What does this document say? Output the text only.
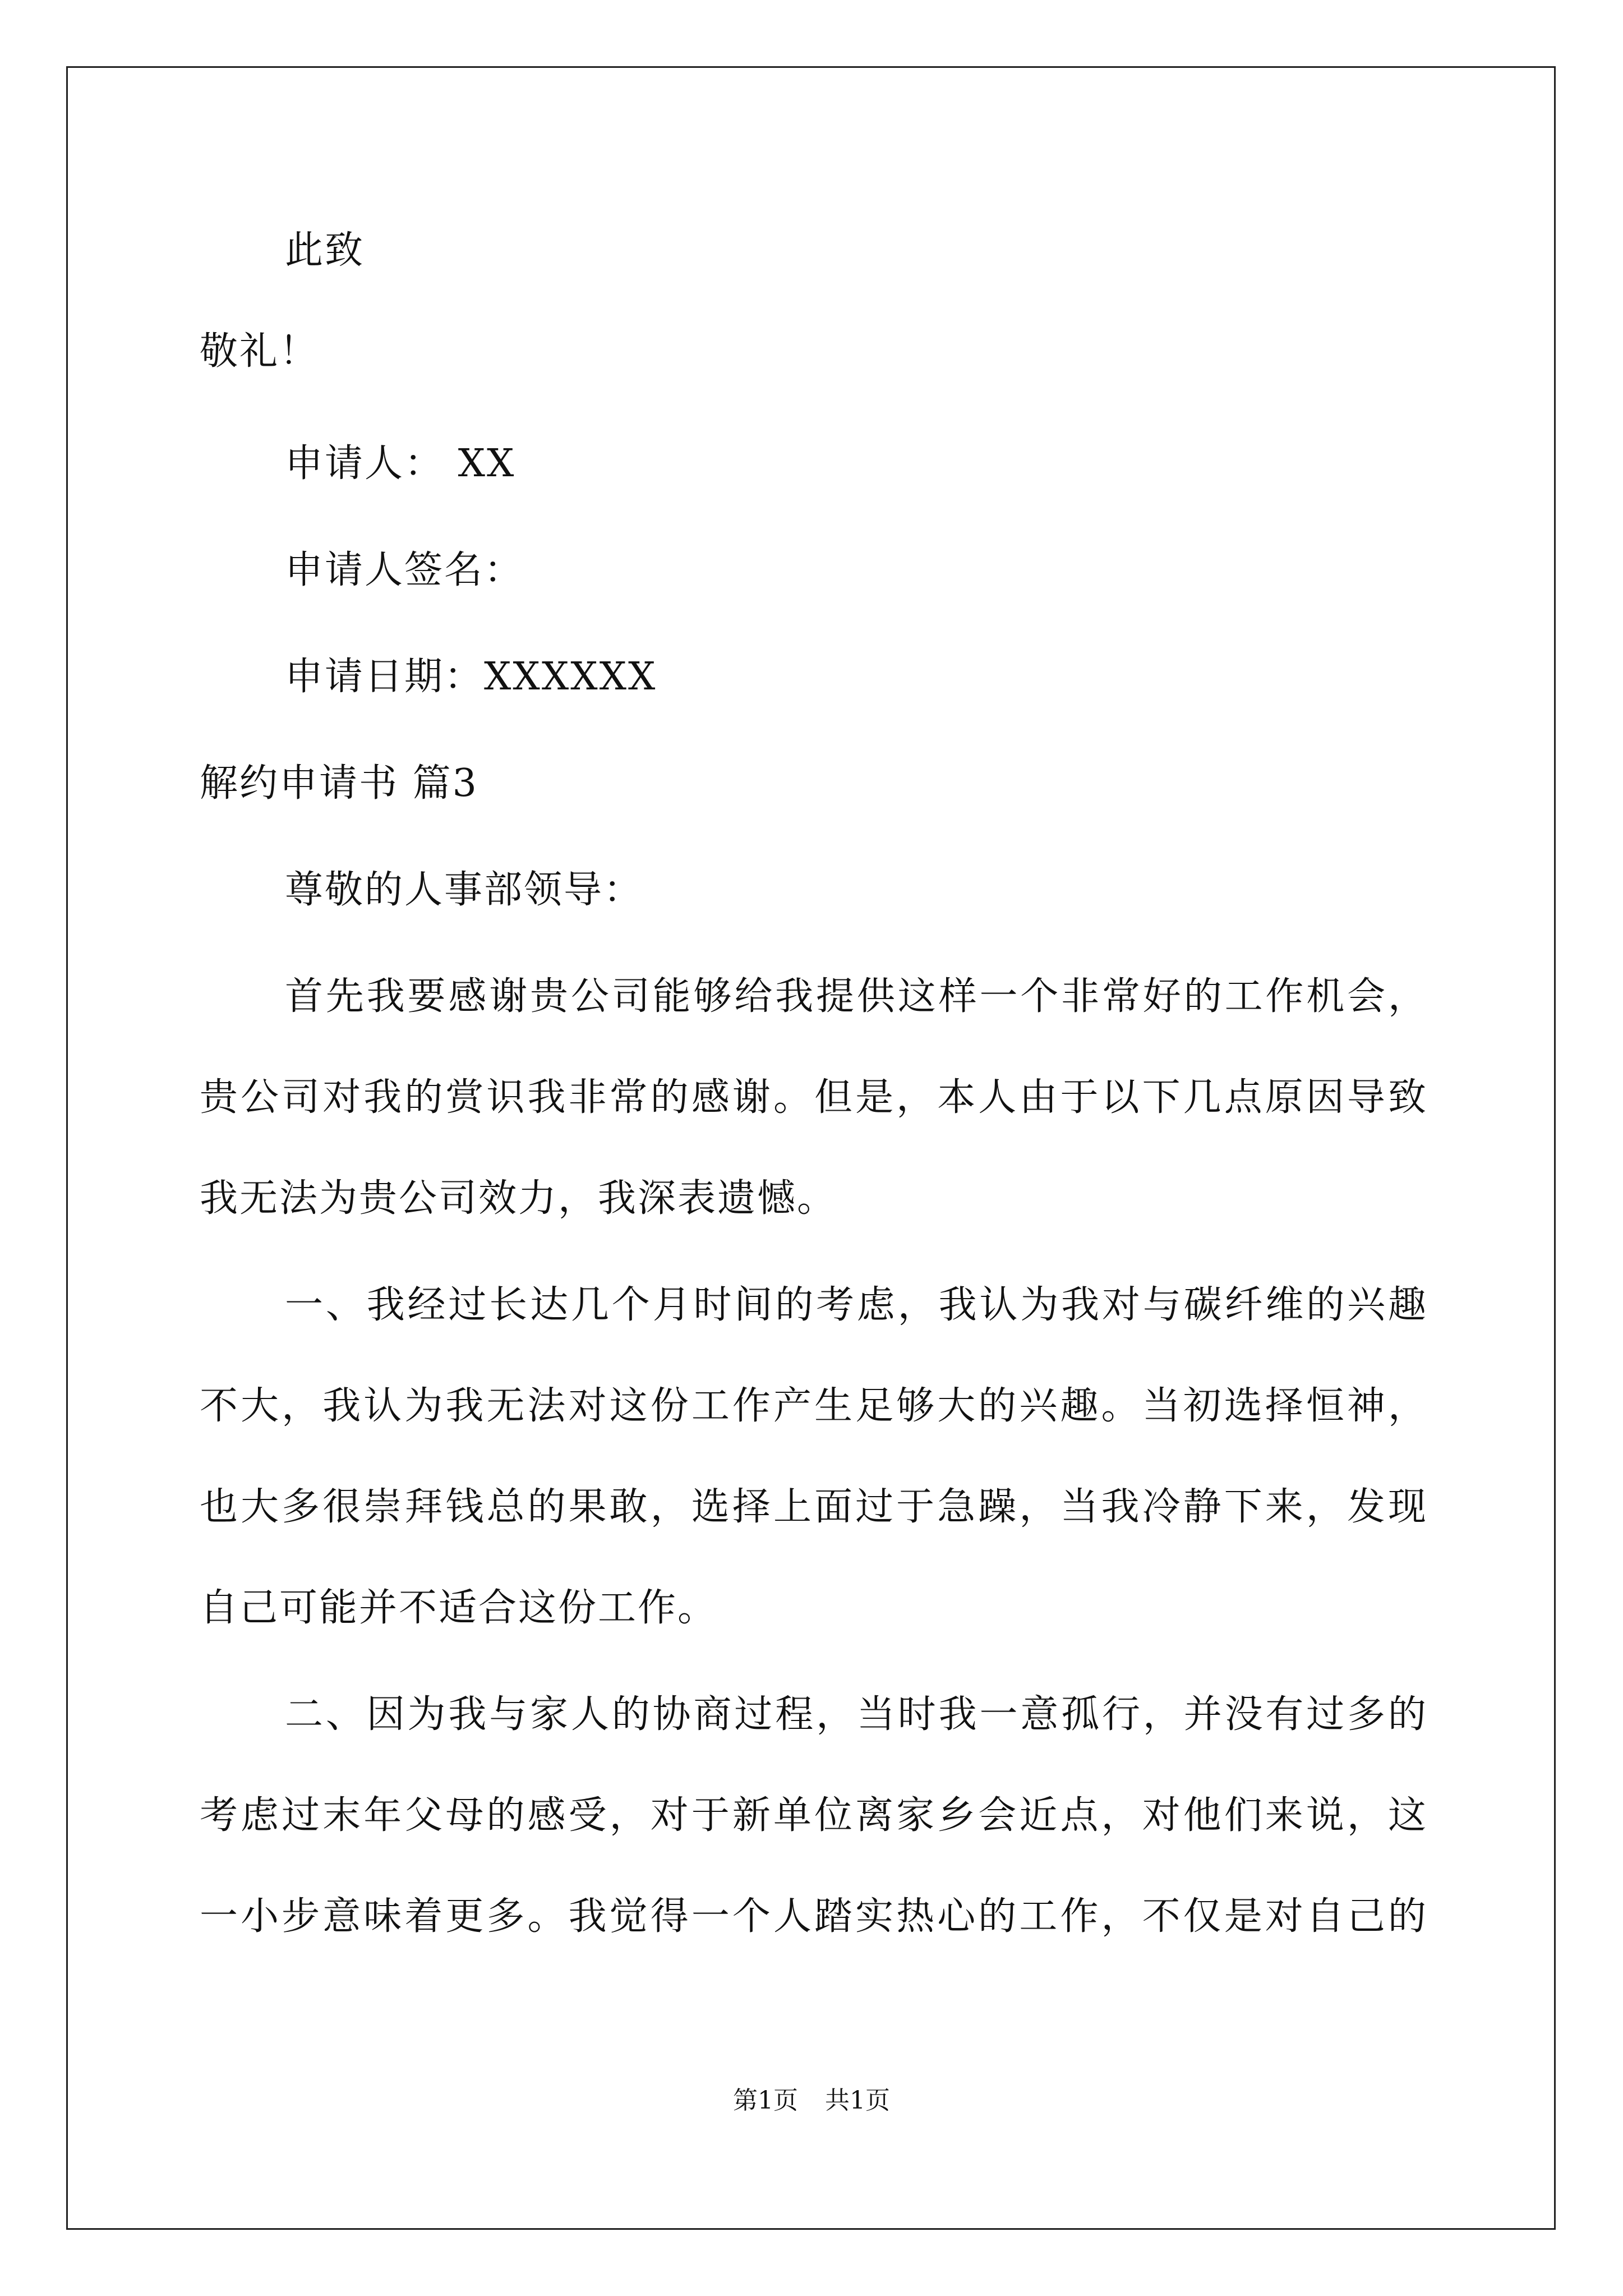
此致
敬礼！
申请人： XX
申请人签名：
申请日期：XXXXXX
解约申请书 篇3
尊敬的人事部领导：
首先我要感谢贵公司能够给我提供这样一个非常好的工作机会，
贵公司对我的赏识我非常的感谢。但是，本人由于以下几点原因导致
我无法为贵公司效力，我深表遗憾。
一、我经过长达几个月时间的考虑，我认为我对与碳纤维的兴趣
不大，我认为我无法对这份工作产生足够大的兴趣。当初选择恒神，
也大多很崇拜钱总的果敢，选择上面过于急躁，当我冷静下来，发现
自己可能并不适合这份工作。
二、因为我与家人的协商过程，当时我一意孤行，并没有过多的
考虑过末年父母的感受，对于新单位离家乡会近点，对他们来说，这
一小步意味着更多。我觉得一个人踏实热心的工作，不仅是对自己的
第1页 共1页
